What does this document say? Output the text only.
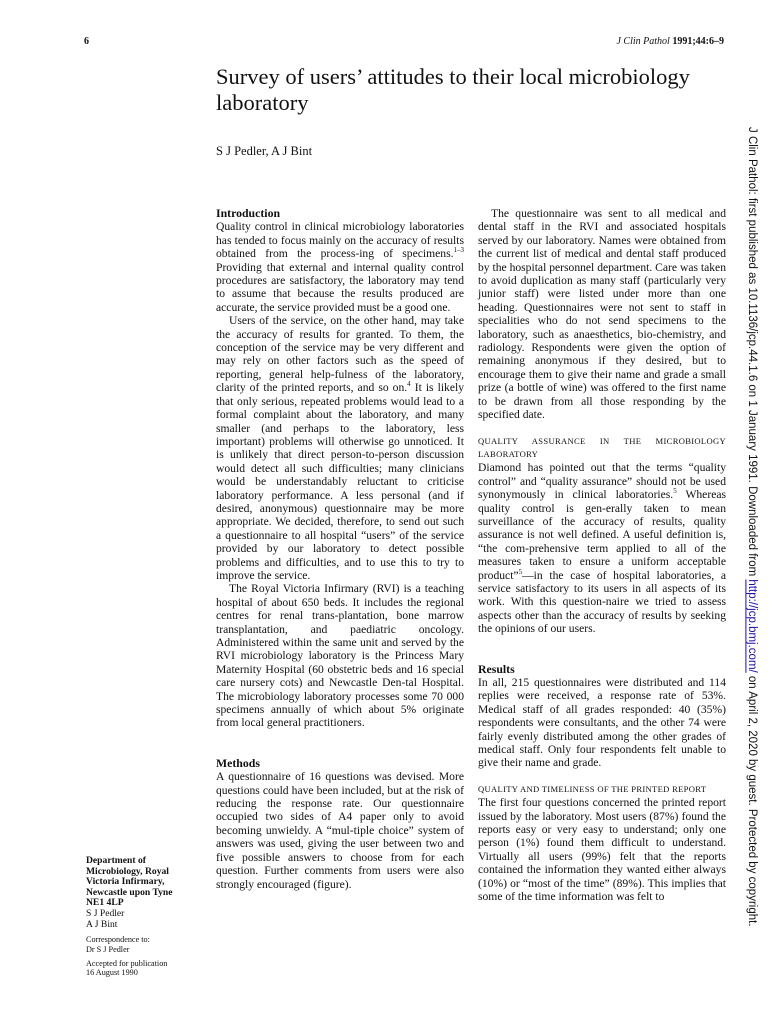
6	J Clin Pathol 1991;44:6–9
Survey of users’ attitudes to their local microbiology laboratory
S J Pedler, A J Bint
Introduction

Quality control in clinical microbiology laboratories has tended to focus mainly on the accuracy of results obtained from the process-ing of specimens.$^{1-3}$ Providing that external and internal quality control procedures are satisfactory, the laboratory may tend to assume that because the results produced are accurate, the service provided must be a good one.

Users of the service, on the other hand, may take the accuracy of results for granted. To them, the conception of the service may be very different and may rely on other factors such as the speed of reporting, general help-fulness of the laboratory, clarity of the printed reports, and so on.$^4$ It is likely that only serious, repeated problems would lead to a formal complaint about the laboratory, and many smaller (and perhaps to the laboratory, less important) problems will otherwise go unnoticed. It is unlikely that direct person-to-person discussion would detect all such difficulties; many clinicians would be understandably reluctant to criticise laboratory performance. A less personal (and if desired, anonymous) questionnaire may be more appropriate. We decided, therefore, to send out such a questionnaire to all hospital “users” of the service provided by our laboratory to detect possible problems and difficulties, and to use this to try to improve the service.

The Royal Victoria Infirmary (RVI) is a teaching hospital of about 650 beds. It includes the regional centres for renal trans-plantation, bone marrow transplantation, and paediatric oncology. Administered within the same unit and served by the RVI microbiology laboratory is the Princess Mary Maternity Hospital (60 obstetric beds and 16 special care nursery cots) and Newcastle Den-tal Hospital. The microbiology laboratory processes some 70 000 specimens annually of which about 5% originate from local general practitioners.

Methods

A questionnaire of 16 questions was devised. More questions could have been included, but at the risk of reducing the response rate. Our questionnaire occupied two sides of A4 paper only to avoid becoming unwieldy. A “mul-tiple choice” system of answers was used, giving the user between two and five possible answers to choose from for each question. Further comments from users were also strongly encouraged (figure).

The questionnaire was sent to all medical and dental staff in the RVI and associated hospitals served by our laboratory. Names were obtained from the current list of medical and dental staff produced by the hospital personnel department. Care was taken to avoid duplication as many staff (particularly very junior staff) were listed under more than one heading. Questionnaires were not sent to staff in specialities who do not send specimens to the laboratory, such as anaesthetics, bio-chemistry, and radiology. Respondents were given the option of remaining anonymous if they desired, but to encourage them to give their name and grade a small prize (a bottle of wine) was offered to the first name to be drawn from all those responding by the specified date.

QUALITY ASSURANCE IN THE MICROBIOLOGY LABORATORY

Diamond has pointed out that the terms “quality control” and “quality assurance” should not be used synonymously in clinical laboratories.$^5$ Whereas quality control is gen-erally taken to mean surveillance of the accuracy of results, quality assurance is not well defined. A useful definition is, “the com-prehensive term applied to all of the measures taken to ensure a uniform acceptable product”$^5$—in the case of hospital laboratories, a service satisfactory to its users in all aspects of its work. With this question-naire we tried to assess aspects other than the accuracy of results by seeking the opinions of our users.

Results

In all, 215 questionnaires were distributed and 114 replies were received, a response rate of 53%. Medical staff of all grades responded: 40 (35%) respondents were consultants, and the other 74 were fairly evenly distributed among the other grades of medical staff. Only four respondents felt unable to give their name and grade.

QUALITY AND TIMELINESS OF THE PRINTED REPORT

The first four questions concerned the printed report issued by the laboratory. Most users (87%) found the reports easy or very easy to understand; only one person (1%) found them difficult to understand. Virtually all users (99%) felt that the reports contained the information they wanted either always (10%) or “most of the time” (89%). This implies that some of the time information was felt to

Department of
Microbiology, Royal
Victoria Infirmary,
Newcastle upon Tyne
NE1 4LP
S J Pedler
A J Bint
Correspondence to:
Dr S J Pedler
Accepted for publication
16 August 1990
J Clin Pathol: first published as 10.1136/jcp.44.1.6 on 1 January 1991. Downloaded from http://jcp.bmj.com/ on April 2, 2020 by guest. Protected by copyright.
